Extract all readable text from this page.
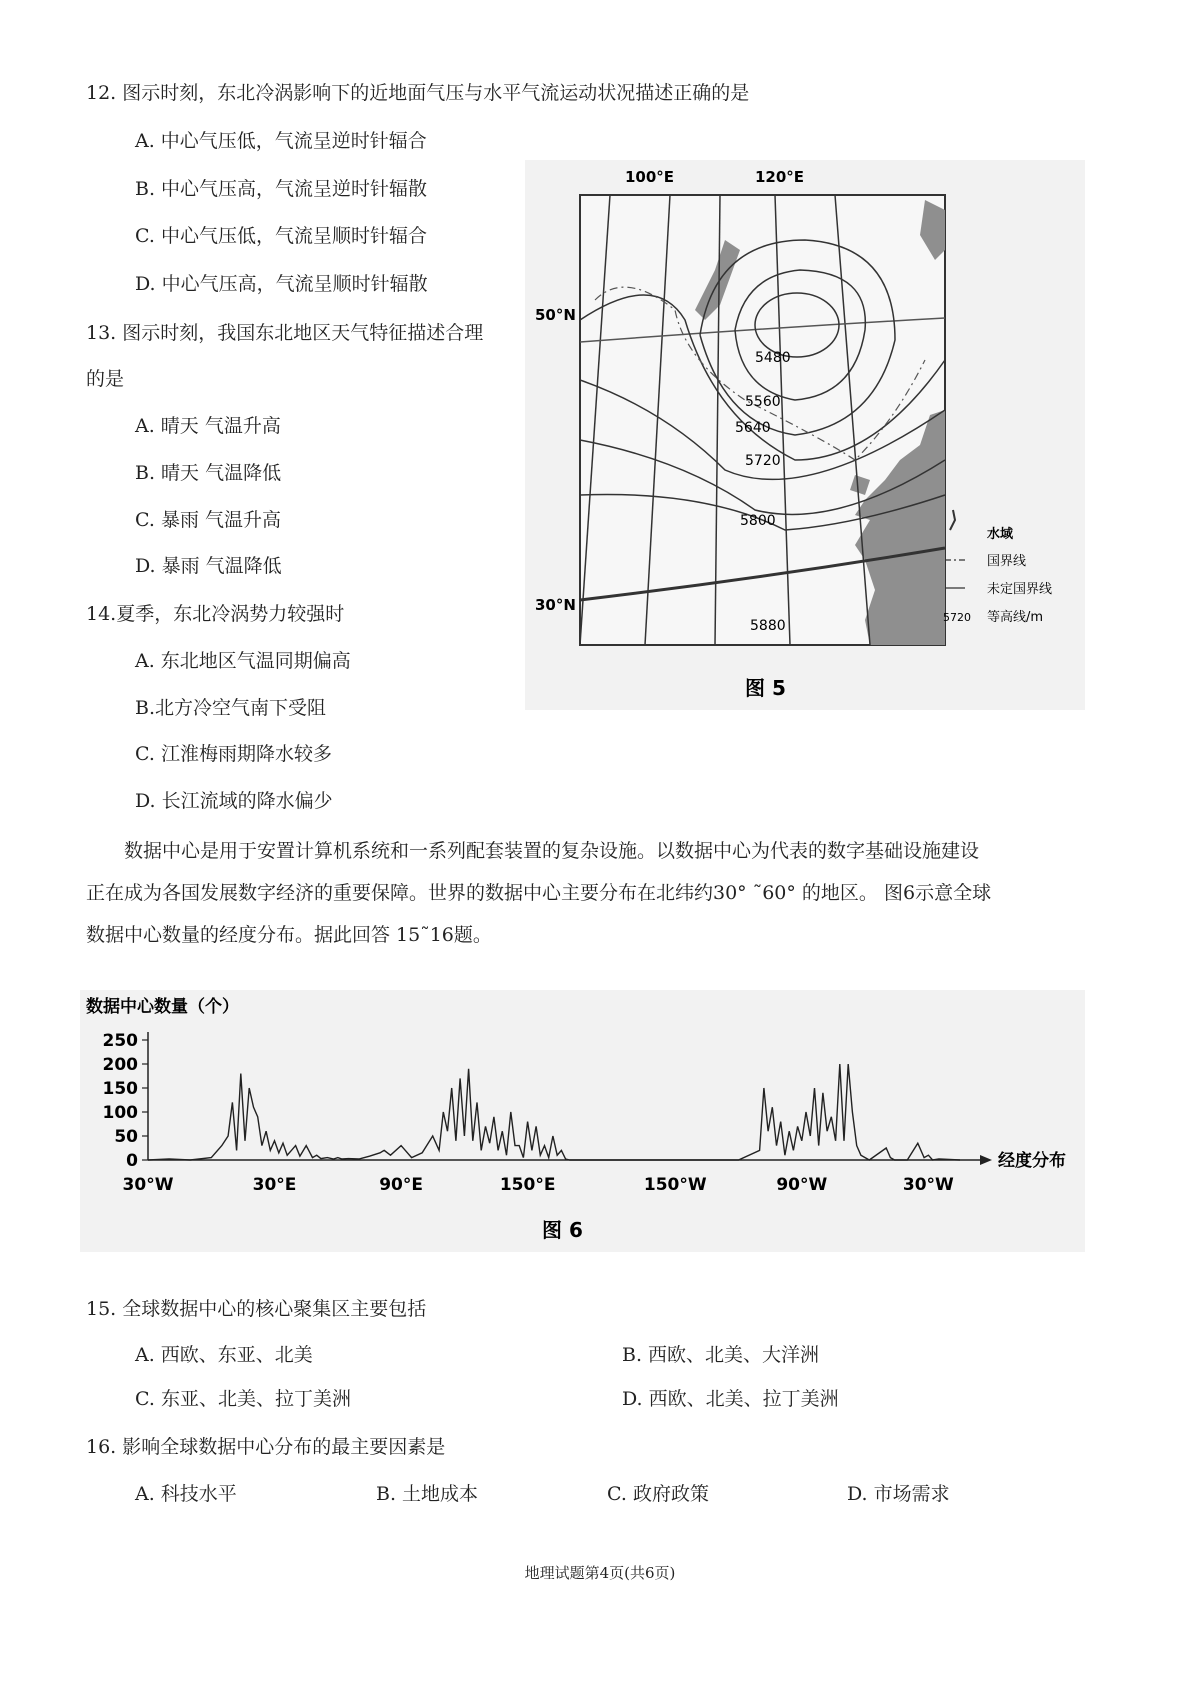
12. 图示时刻，东北冷涡影响下的近地面气压与水平气流运动状况描述正确的是
A. 中心气压低，气流呈逆时针辐合
B. 中心气压高，气流呈逆时针辐散
C. 中心气压低，气流呈顺时针辐合
D. 中心气压高，气流呈顺时针辐散
13. 图示时刻，我国东北地区天气特征描述合理
的是
A. 晴天 气温升高
B. 晴天 气温降低
C. 暴雨 气温升高
D. 暴雨 气温降低
14.夏季，东北冷涡势力较强时
A. 东北地区气温同期偏高
B.北方冷空气南下受阻
C. 江淮梅雨期降水较多
D. 长江流域的降水偏少
100°E	120°E
50°N
30°N
5480
5560
5640
5720
5800
5880
水域
国界线
未定国界线
5720 等高线/m
图 5

数据中心是用于安置计算机系统和一系列配套装置的复杂设施。以数据中心为代表的数字基础设施建设

正在成为各国发展数字经济的重要保障。世界的数据中心主要分布在北纬约30° ˜60° 的地区。 图6示意全球

数据中心数量的经度分布。据此回答 15˜16题。

数据中心数量（个）
经度分布
0
50
100
150
200
250
30°W	30°E	90°E	150°E	150°W	90°W	30°W
图 6
15. 全球数据中心的核心聚集区主要包括
A. 西欧、东亚、北美	B. 西欧、北美、大洋洲
C. 东亚、北美、拉丁美洲	D. 西欧、北美、拉丁美洲
16. 影响全球数据中心分布的最主要因素是
A. 科技水平	B. 土地成本	C. 政府政策	D. 市场需求
地理试题第4页(共6页)
